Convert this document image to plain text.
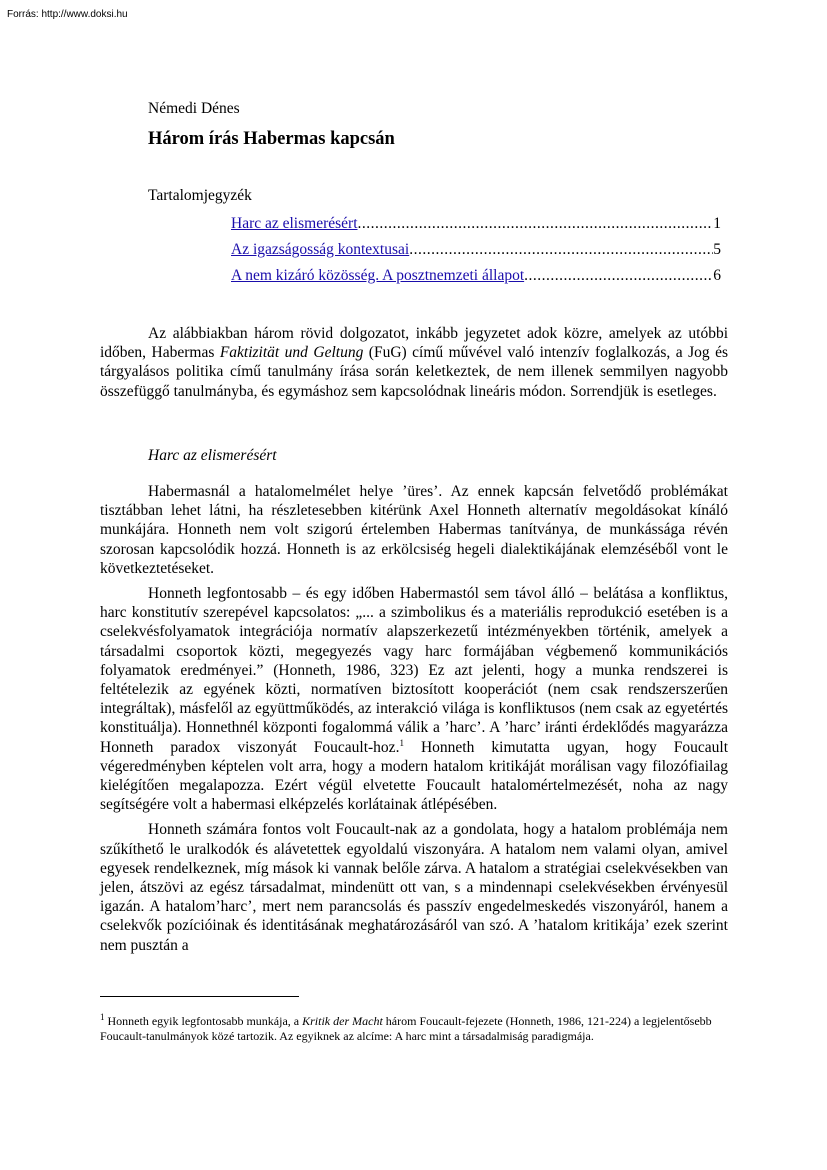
Forrás: http://www.doksi.hu
Némedi Dénes
Három írás Habermas kapcsán
Tartalomjegyzék
Harc az elismerésért .....	1
Az igazságosság kontextusai .....	5
A nem kizáró közösség. A posztnemzeti állapot .....	6

Az alábbiakban három rövid dolgozatot, inkább jegyzetet adok közre, amelyek az utóbbi időben, Habermas Faktizität und Geltung (FuG) című művével való intenzív foglalkozás, a Jog és tárgyalásos politika című tanulmány írása során keletkeztek, de nem illenek semmilyen nagyobb összefüggő tanulmányba, és egymáshoz sem kapcsolódnak lineáris módon. Sorrendjük is esetleges.

Harc az elismerésért

Habermasnál a hatalomelmélet helye ’üres’. Az ennek kapcsán felvetődő problémákat tisztábban lehet látni, ha részletesebben kitérünk Axel Honneth alternatív megoldásokat kínáló munkájára. Honneth nem volt szigorú értelemben Habermas tanítványa, de munkássága révén szorosan kapcsolódik hozzá. Honneth is az erkölcsiség hegeli dialektikájának elemzéséből vont le következtetéseket.

Honneth legfontosabb – és egy időben Habermastól sem távol álló – belátása a konfliktus, harc konstitutív szerepével kapcsolatos: „... a szimbolikus és a materiális reprodukció esetében is a cselekvésfolyamatok integrációja normatív alapszerkezetű intézményekben történik, amelyek a társadalmi csoportok közti, megegyezés vagy harc formájában végbemenő kommunikációs folyamatok eredményei.” (Honneth, 1986, 323) Ez azt jelenti, hogy a munka rendszerei is feltételezik az egyének közti, normatíven biztosított kooperációt (nem csak rendszerszerűen integráltak), másfelől az együttműködés, az interakció világa is konfliktusos (nem csak az egyetértés konstituálja). Honnethnél központi fogalommá válik a ’harc’. A ’harc’ iránti érdeklődés magyarázza Honneth paradox viszonyát Foucault-hoz.$^1$ Honneth kimutatta ugyan, hogy Foucault végeredményben képtelen volt arra, hogy a modern hatalom kritikáját morálisan vagy filozófiailag kielégítően megalapozza. Ezért végül elvetette Foucault hatalomértelmezését, noha az nagy segítségére volt a habermasi elképzelés korlátainak átlépésében.

Honneth számára fontos volt Foucault-nak az a gondolata, hogy a hatalom problémája nem szűkíthető le uralkodók és alávetettek egyoldalú viszonyára. A hatalom nem valami olyan, amivel egyesek rendelkeznek, míg mások ki vannak belőle zárva. A hatalom a stratégiai cselekvésekben van jelen, átszövi az egész társadalmat, mindenütt ott van, s a mindennapi cselekvésekben érvényesül igazán. A hatalom’harc’, mert nem parancsolás és passzív engedelmeskedés viszonyáról, hanem a cselekvők pozícióinak és identitásának meghatározásáról van szó. A ’hatalom kritikája’ ezek szerint nem pusztán a

$^1$ Honneth egyik legfontosabb munkája, a Kritik der Macht három Foucault-fejezete (Honneth, 1986, 121-224) a legjelentősebb Foucault-tanulmányok közé tartozik. Az egyiknek az alcíme: A harc mint a társadalmiság paradigmája.
